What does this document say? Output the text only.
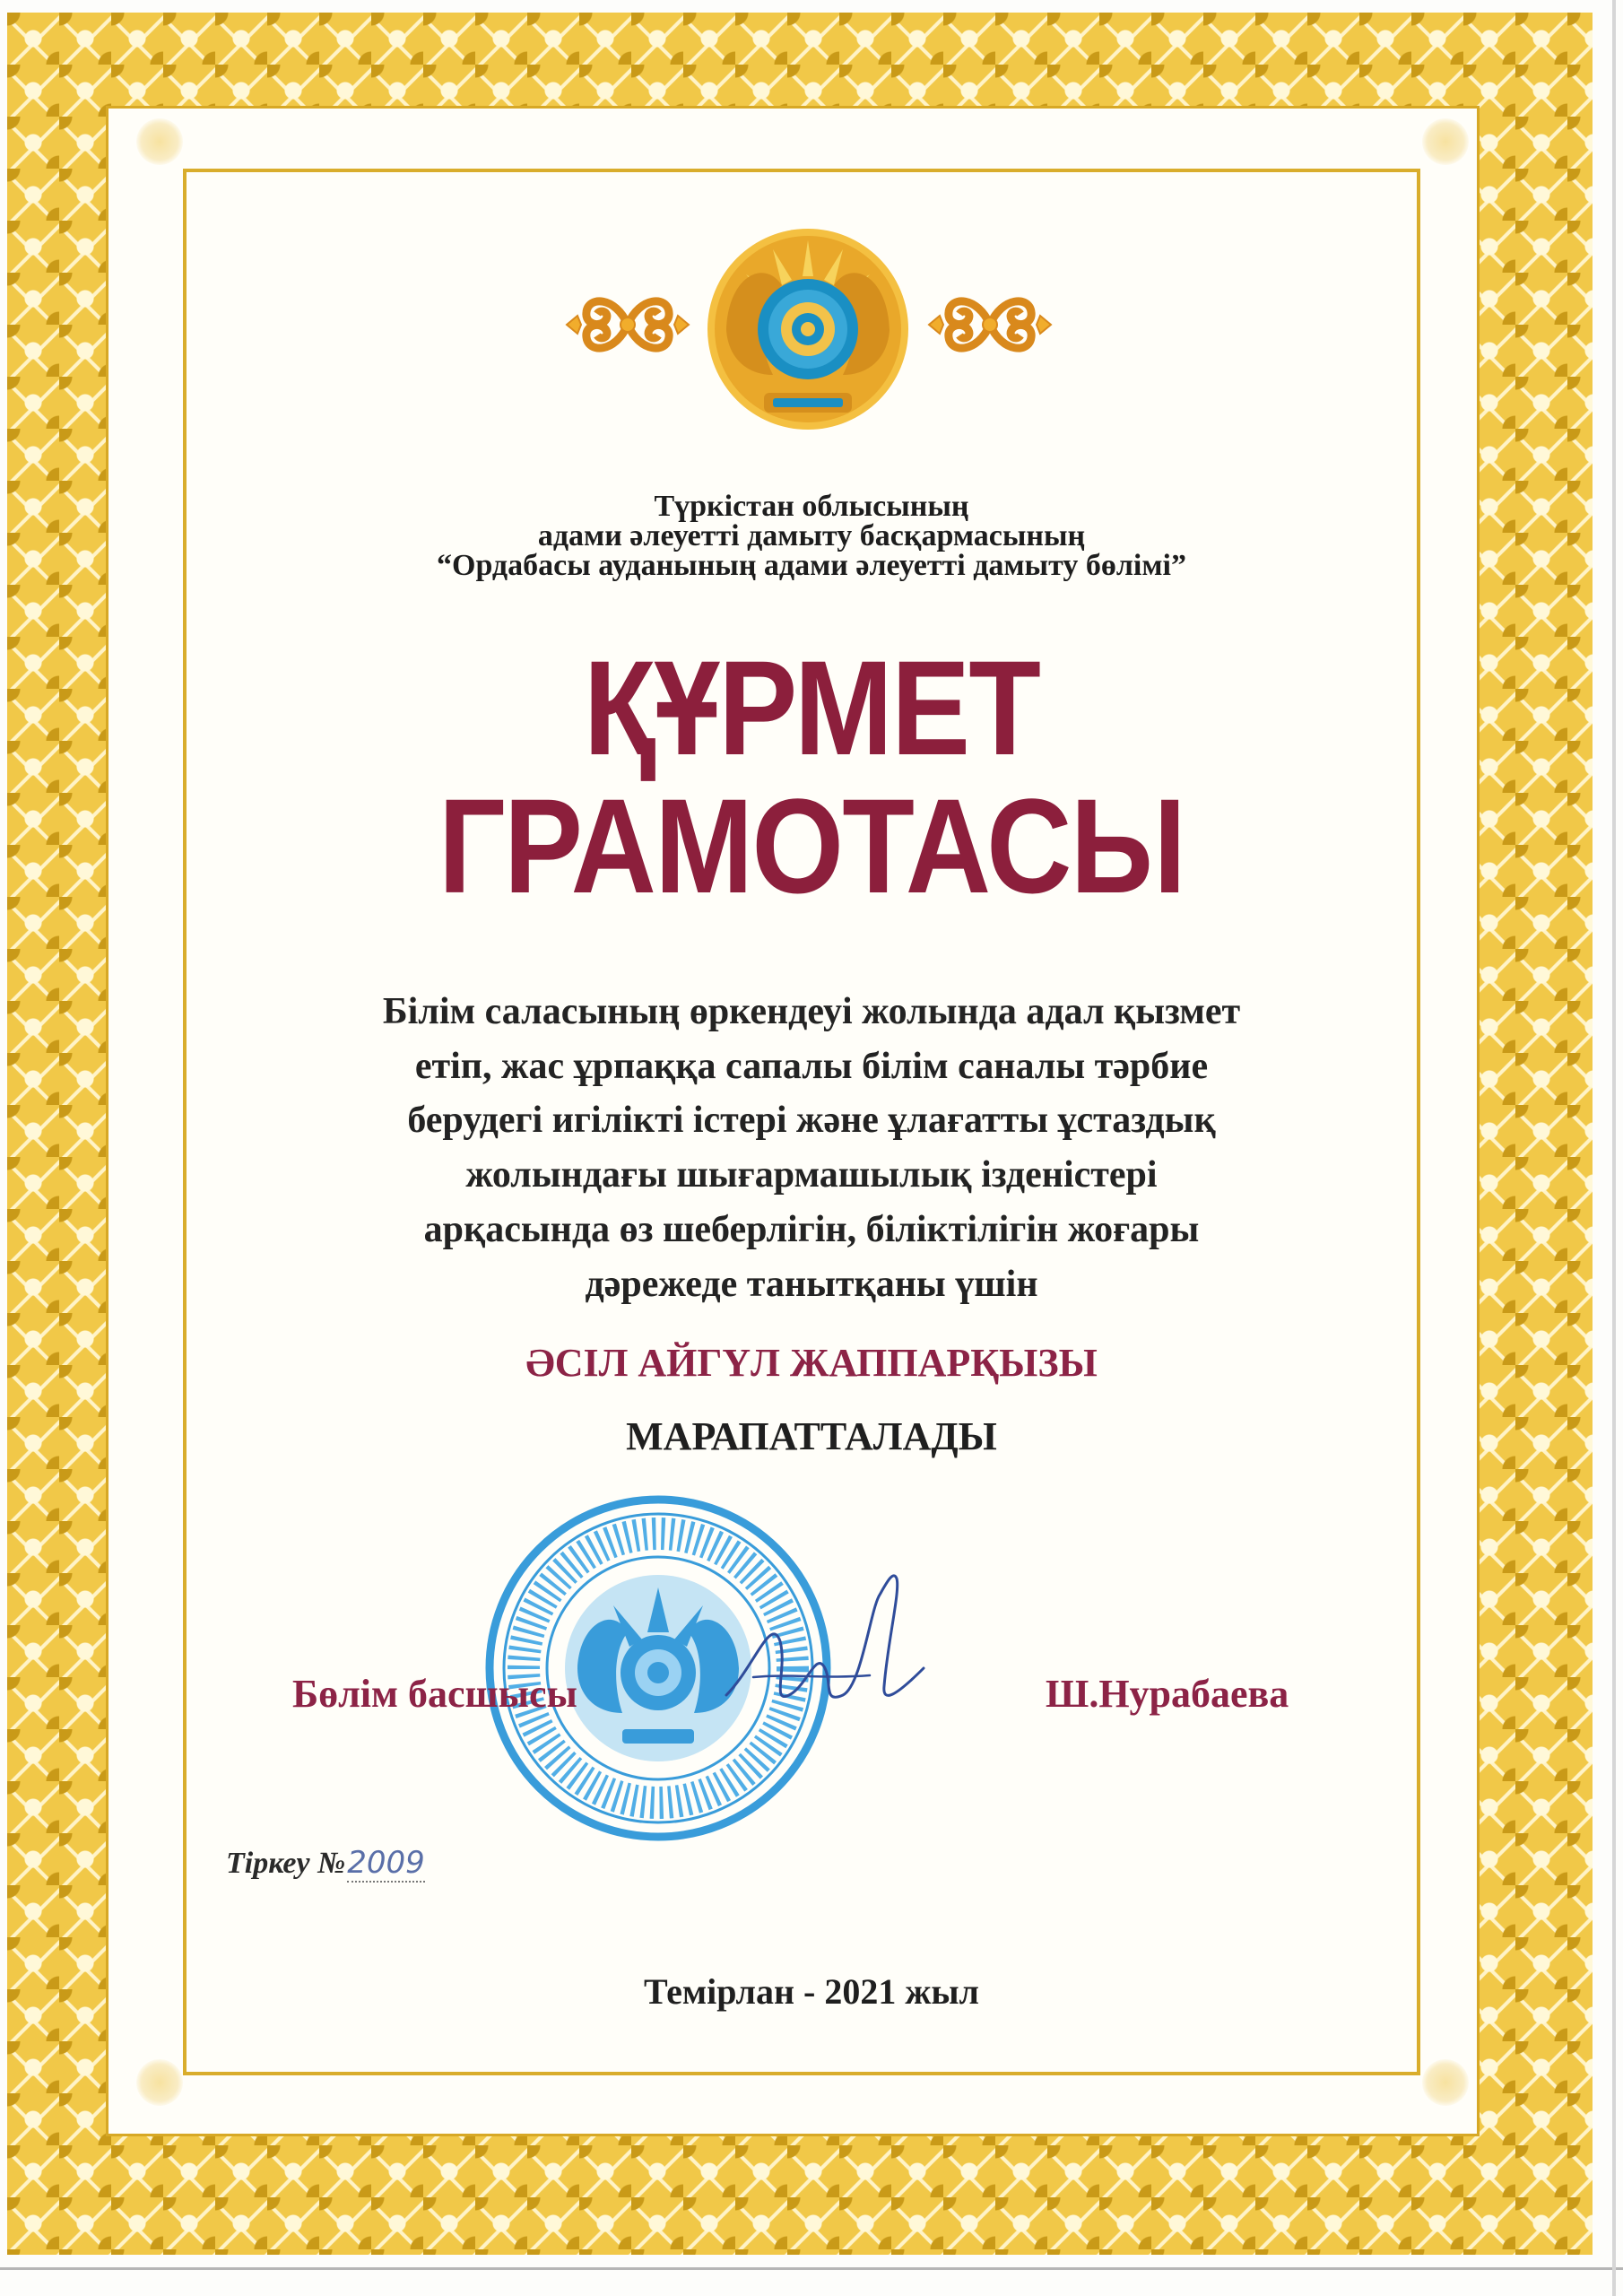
Түркістан облысының
адами әлеуетті дамыту басқармасының
“Ордабасы ауданының адами әлеуетті дамыту бөлімі”
ҚҰРМЕТ
ГРАМОТАСЫ
Білім саласының өркендеуі жолында адал қызмет
етіп, жас ұрпаққа сапалы білім саналы тәрбие
берудегі игілікті істері және ұлағатты ұстаздық
жолындағы шығармашылық ізденістері
арқасында өз шеберлігін, біліктілігін жоғары
дәрежеде танытқаны үшін
ӘСІЛ АЙГҮЛ ЖАППАРҚЫЗЫ
МАРАПАТТАЛАДЫ
Бөлім басшысы	Ш.Нурабаева
Тіркеу №2009
Темірлан - 2021 жыл
